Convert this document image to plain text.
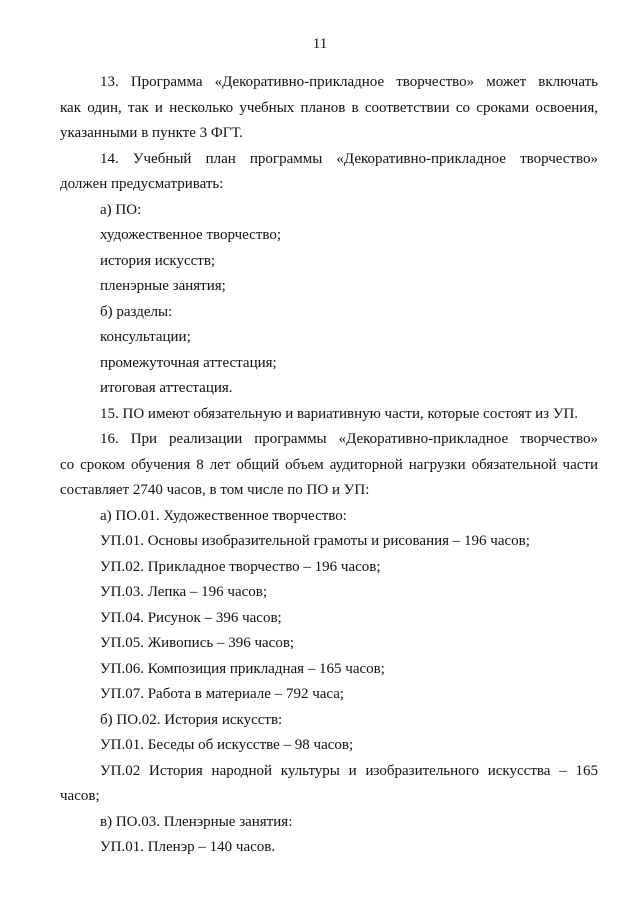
11
13. Программа «Декоративно-прикладное творчество» может включать
как один, так и несколько учебных планов в соответствии со сроками освоения,
указанными в пункте 3 ФГТ.
14. Учебный план программы «Декоративно-прикладное творчество»
должен предусматривать:
а) ПО:
художественное творчество;
история искусств;
пленэрные занятия;
б) разделы:
консультации;
промежуточная аттестация;
итоговая аттестация.
15. ПО имеют обязательную и вариативную части, которые состоят из УП.
16. При реализации программы «Декоративно-прикладное творчество»
со сроком обучения 8 лет общий объем аудиторной нагрузки обязательной части
составляет 2740 часов, в том числе по ПО и УП:
а) ПО.01. Художественное творчество:
УП.01. Основы изобразительной грамоты и рисования – 196 часов;
УП.02. Прикладное творчество – 196 часов;
УП.03. Лепка – 196 часов;
УП.04. Рисунок – 396 часов;
УП.05. Живопись – 396 часов;
УП.06. Композиция прикладная – 165 часов;
УП.07. Работа в материале – 792 часа;
б) ПО.02. История искусств:
УП.01. Беседы об искусстве – 98 часов;
УП.02 История народной культуры и изобразительного искусства – 165
часов;
в) ПО.03. Пленэрные занятия:
УП.01. Пленэр – 140 часов.
